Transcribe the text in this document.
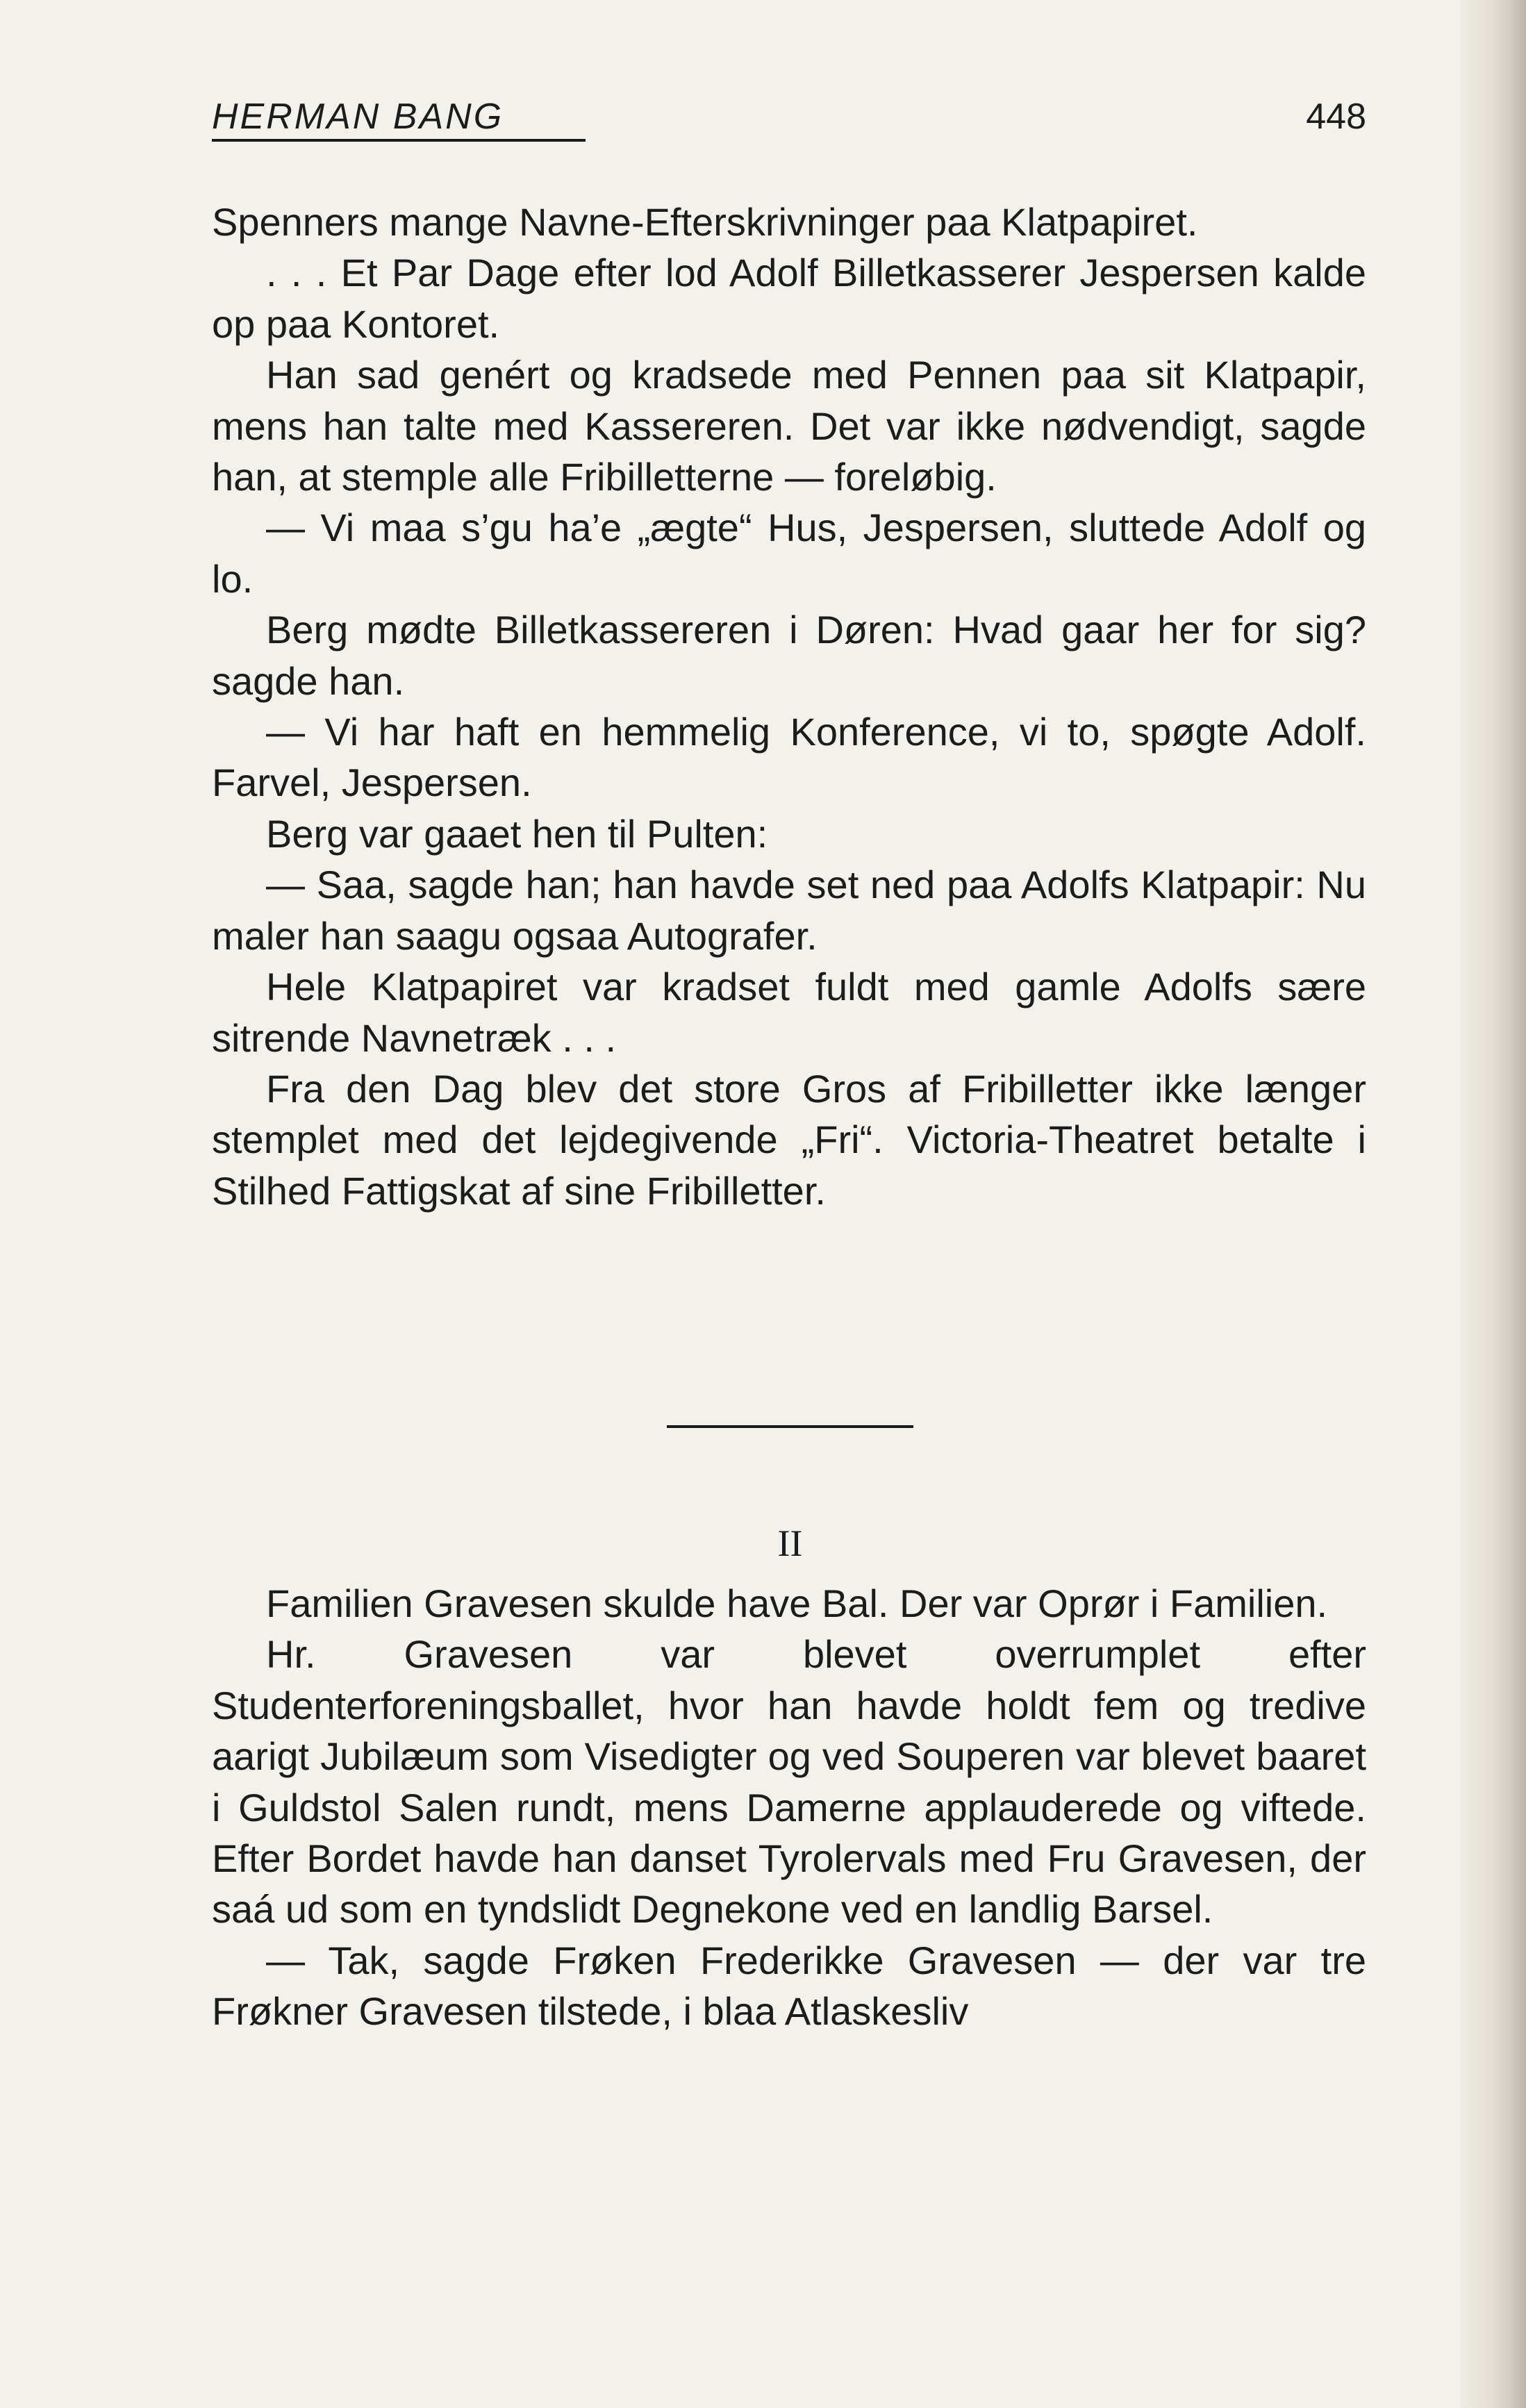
HERMAN BANG	448

Spenners mange Navne-Efterskrivninger paa Klatpapiret.

. . . Et Par Dage efter lod Adolf Billetkasserer Jespersen kalde op paa Kontoret.

Han sad genért og kradsede med Pennen paa sit Klatpapir, mens han talte med Kassereren. Det var ikke nødvendigt, sagde han, at stemple alle Fribilletterne — foreløbig.

— Vi maa s’gu ha’e „ægte“ Hus, Jespersen, sluttede Adolf og lo.

Berg mødte Billetkassereren i Døren: Hvad gaar her for sig? sagde han.

— Vi har haft en hemmelig Konference, vi to, spøgte Adolf. Farvel, Jespersen.

Berg var gaaet hen til Pulten:

— Saa, sagde han; han havde set ned paa Adolfs Klatpapir: Nu maler han saagu ogsaa Autografer.

Hele Klatpapiret var kradset fuldt med gamle Adolfs sære sitrende Navnetræk . . .

Fra den Dag blev det store Gros af Fribilletter ikke længer stemplet med det lejdegivende „Fri“. Victoria-Theatret betalte i Stilhed Fattigskat af sine Fribilletter.

II

Familien Gravesen skulde have Bal. Der var Oprør i Familien.

Hr. Gravesen var blevet overrumplet efter Studenterforeningsballet, hvor han havde holdt fem og tredive aarigt Jubilæum som Visedigter og ved Souperen var blevet baaret i Guldstol Salen rundt, mens Damerne applauderede og viftede. Efter Bordet havde han danset Tyrolervals med Fru Gravesen, der saá ud som en tyndslidt Degnekone ved en landlig Barsel.

— Tak, sagde Frøken Frederikke Gravesen — der var tre Frøkner Gravesen tilstede, i blaa Atlaskesliv
